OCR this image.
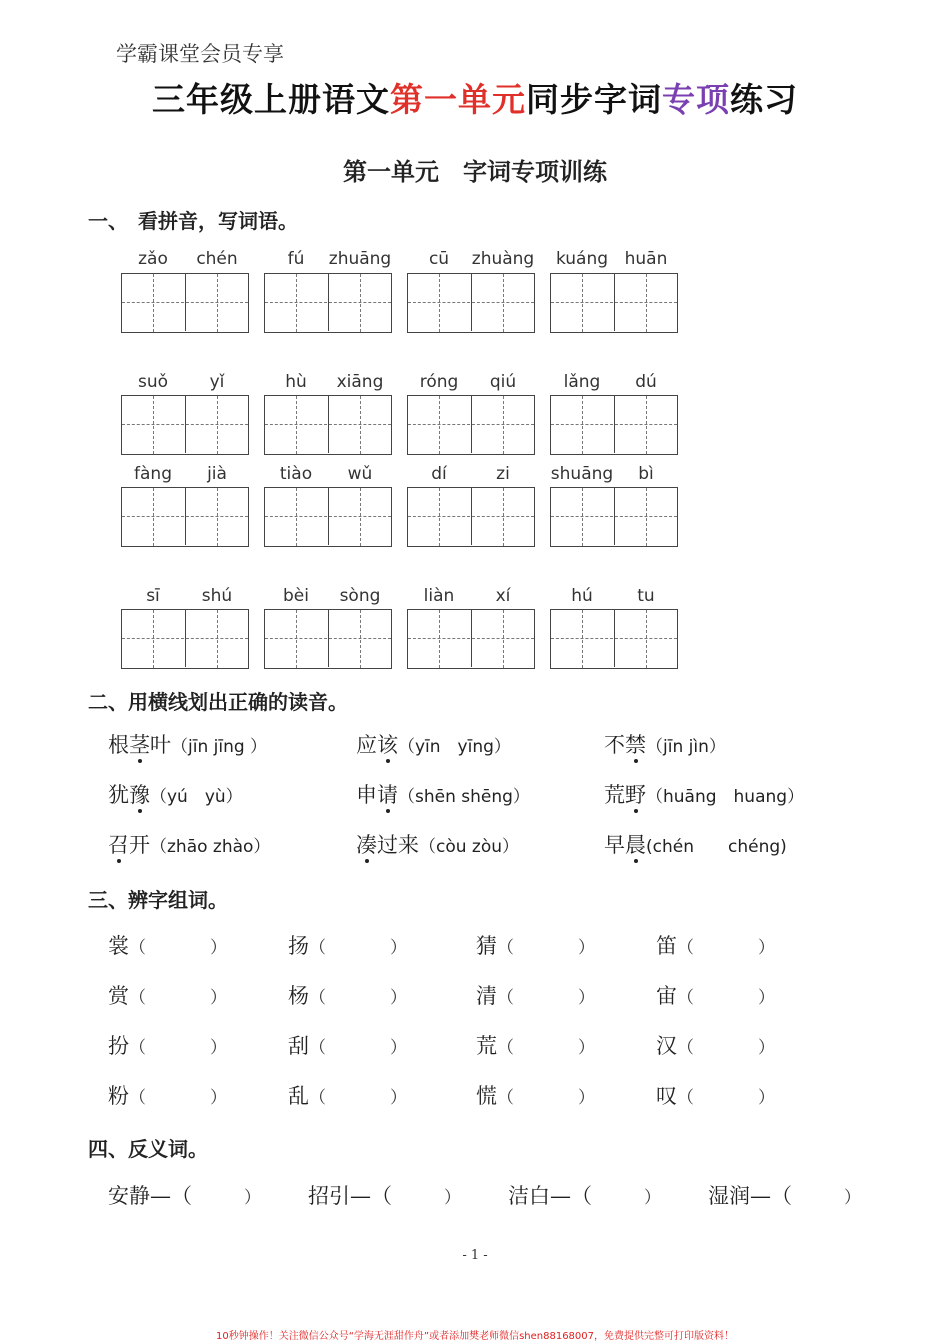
学霸课堂会员专享
三年级上册语文第一单元同步字词专项练习
第一单元　字词专项训练
一、　看拼音，写词语。
zǎo	chén	fú	zhuāng	cū	zhuàng	kuáng huān
suǒ	yǐ	hù	xiāng	róng	qiú	lǎng	dú
fàng	jià	tiào	wǔ	dí	zi	shuāng	bì
sī	shú	bèi	sòng	liàn	xí	hú	tu
二、用横线划出正确的读音。
根茎叶（jīn jīng ）	应该（yīn　yīng）	不禁（jīn jìn）
犹豫（yú　yù）	申请（shēn shēng）	荒野（huāng　huang）
召开（zhāo zhào）	凑过来（còu zòu）	早晨(chén　　chéng)
三、辨字组词。
裳（	）	扬（	）	猜（	）	笛（	）
赏（	）	杨（	）	清（	）	宙（	）
扮（	）	刮（	）	荒（	）	汉（	）
粉（	）	乱（	）	慌（	）	叹（	）
四、反义词。
安静—（	） 招引—（	） 洁白—（	） 湿润—（	）
- 1 -
10秒钟操作！关注微信公众号“学海无涯甜作舟”或者添加樊老师微信shen88168007，免费提供完整可打印版资料！
